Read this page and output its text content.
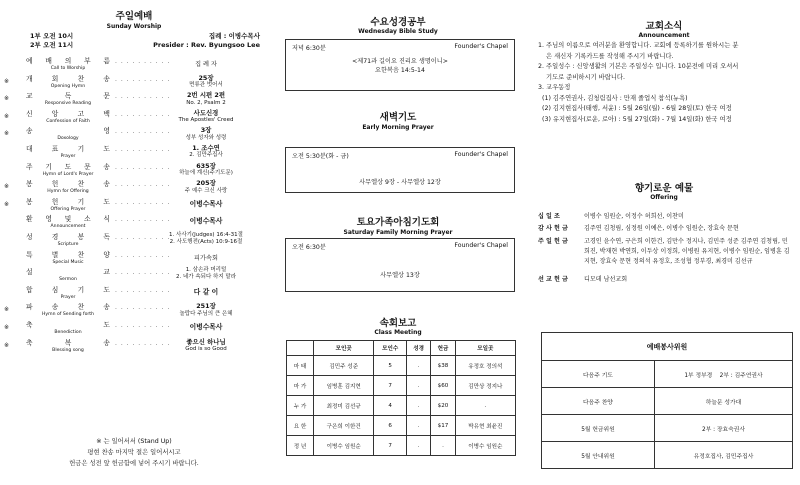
주일예배
Sunday Worship
1부 오전 10시
2부 오전 11시
집례 : 이병수목사
Presider : Rev. Byungsoo Lee
예 배 의 부 름
Call to Worship
· · · · · · · · · ·	집 례 자
※ 개 회 찬 송
Opening Hymn
· · · · · · · · · ·	25장
면류관 벗어서
※ 교 독 문
Responsive Reading
· · · · · · · · · ·	2번 시편 2편
No. 2, Psalm 2
※ 신 앙 고 백
Confession of Faith
· · · · · · · · · ·	사도신경
The Apostles' Creed
※ 송 영
Doxology
· · · · · · · · · ·	3장
성부 성자와 성령
대 표 기 도
Prayer
· · · · · · · · · ·	1. 조수연
2. 김만주집사
주 기 도 문 송
Hymn of Lord's Prayer
· · · · · · · · · ·	635장
하늘에 계신(주기도문)
※ 봉 헌 찬 송
Hymn for Offering
· · · · · · · · · ·	205장
주 예수 크신 사랑
※ 봉 헌 기 도
Offering Prayer
· · · · · · · · · ·	이병수목사
환 영 및 소 식
Announcement
· · · · · · · · · ·	이병수목사
성 경 봉 독
Scripture
· · · · · · · · · ·
1. 사사기(Judges) 16:4-31절
2. 사도행전(Acts) 10:9-16절
특 별 찬 양
Special Music
· · · · · · · · · ·	피가속회
설 교
Sermon
· · · · · · · · · ·
1. 삼손과 머리털
2. 네가 속되다 하지 말라
합 심 기 도
Prayer
· · · · · · · · · ·	다 같 이
※ 파 송 찬 송
Hymn of Sending forth
· · · · · · · · · ·	251장
놀랍다 주님의 큰 은혜
※ 축 도
Benediction
· · · · · · · · · ·	이병수목사
※ 축 복 송
Blessing song
· · · · · · · · · ·	좋으신 하나님
God is so Good
※ 는 일어서서 (Stand Up)
평현 찬송 마지막 절은 일어서시고
헌금은 성전 앞 헌금함에 넣어 주시기 바랍니다.
수요성경공부
Wednesday Bible Study
저녁 6:30분	Founder's Chapel
<제71과 길이요 진리요 생명이니>
요한복음 14:5-14
새벽기도
Early Morning Prayer
오전 5:30분(화 - 금)	Founder's Chapel
사무엘상 9장 - 사무엘상 12장
토요가족아침기도회
Saturday Family Morning Prayer
오전 6:30분	Founder's Chapel
사무엘상 13장
속회보고
Class Meeting
	모인곳	모인수	성경	헌금	모일곳
마 태	김민주 성준	5	.	$38	유정호 정의석
마 가	임병훈 김지현	7	.	$60	김만상 정지나
누 가	최정미 김선규	4	.	$20	.
요 한	구은희 이한건	6	.	$17	박유현 최윤진
정 년	이병수 임원순	7	.	.	이병수 임원순
교회소식
Announcement
1. 주님의 이름으로 여러분을 환영합니다. 교회에 등록하기를 원하시는 분
은 새신자 기록카드를 작성해 주시기 바랍니다.
2. 주일성수 : 신앙생활의 기본은 주일성수 입니다. 10분전에 미리 오셔서
기도로 준비하시기 바랍니다.
3. 교우동정
(1) 김주연권사, 김청림집사 : 만재 졸업식 참석(뉴욕)
(2) 김지현집사(태행, 서윤) : 5월 26일(월) - 6월 28일(토) 한국 여정
(3) 유지현집사(로운, 로아) : 5월 27일(화) - 7월 14일(화) 한국 여정
향기로운 예물
Offering
십 일 조	이병수 임원순, 이정수 허희선, 이찬미
감 사 헌 금	김주연 김청림, 심정원 이예은, 이병수 임원순, 장효숙 문현
주 일 헌 금	고경인 윤수연, 구은희 이한건, 김만수 정지나, 김민주 성준 김주연 김청림, 민희진, 박재현 박연희, 이두상 이정희, 이병원 유지현, 이병수 임원순, 임병훈 김지현, 장효숙 문현 정의석 유정호, 조성협 정부경, 최경미 김선규
선 교 헌 금	디모데 남선교회
예배봉사위원	
다음주 기도	1부 정부경    2부 : 김주연권사
다음주 찬양	하늘문 성가대
5월 헌금위원	2부 : 장효숙권사
5월 안내위원	유정호집사, 김민주집사
